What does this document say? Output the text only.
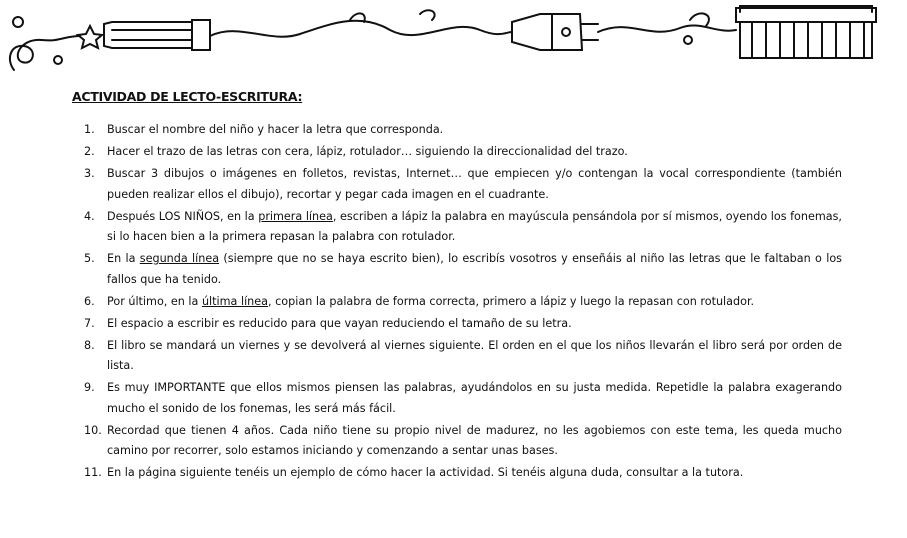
ACTIVIDAD DE LECTO-ESCRITURA:
1.	Buscar el nombre del niño y hacer la letra que corresponda.
2.	Hacer el trazo de las letras con cera, lápiz, rotulador… siguiendo la direccionalidad del trazo.
3.	Buscar 3 dibujos o imágenes en folletos, revistas, Internet… que empiecen y/o contengan la vocal correspondiente (también pueden realizar ellos el dibujo), recortar y pegar cada imagen en el cuadrante.
4.	Después LOS NIÑOS, en la primera línea, escriben a lápiz la palabra en mayúscula pensándola por sí mismos, oyendo los fonemas, si lo hacen bien a la primera repasan la palabra con rotulador.
5.	En la segunda línea (siempre que no se haya escrito bien), lo escribís vosotros y enseñáis al niño las letras que le faltaban o los fallos que ha tenido.
6.	Por último, en la última línea, copian la palabra de forma correcta, primero a lápiz y luego la repasan con rotulador.
7.	El espacio a escribir es reducido para que vayan reduciendo el tamaño de su letra.
8.	El libro se mandará un viernes y se devolverá al viernes siguiente. El orden en el que los niños llevarán el libro será por orden de lista.
9.	Es muy IMPORTANTE que ellos mismos piensen las palabras, ayudándolos en su justa medida. Repetidle la palabra exagerando mucho el sonido de los fonemas, les será más fácil.
10. Recordad que tienen 4 años. Cada niño tiene su propio nivel de madurez, no les agobiemos con este tema, les queda mucho camino por recorrer, solo estamos iniciando y comenzando a sentar unas bases.
11. En la página siguiente tenéis un ejemplo de cómo hacer la actividad. Si tenéis alguna duda, consultar a la tutora.
